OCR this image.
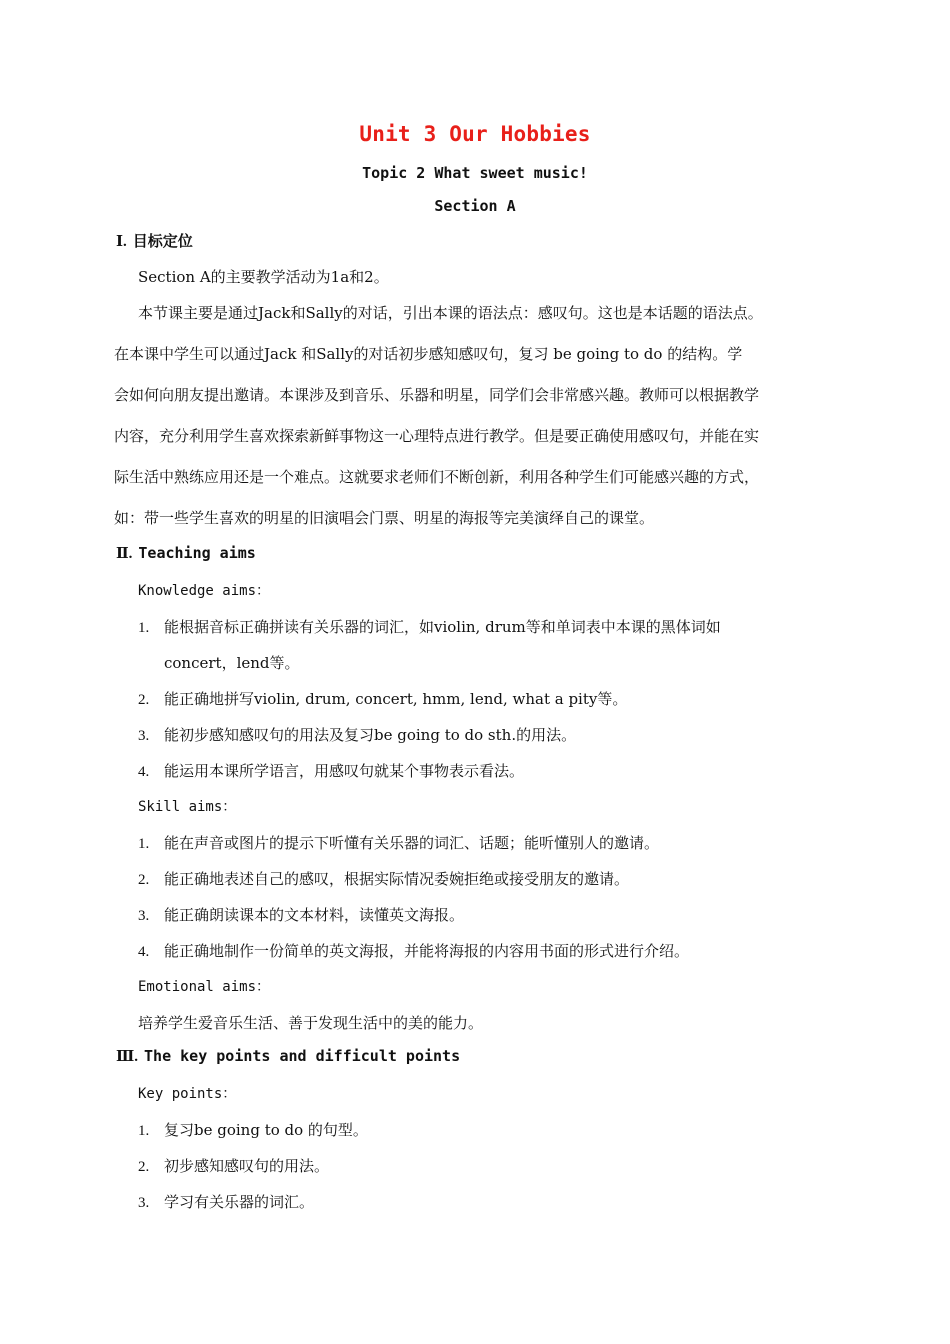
Unit 3 Our Hobbies
Topic 2 What sweet music!
Section A
Ⅰ. 目标定位
Section A的主要教学活动为1a和2。
本节课主要是通过Jack和Sally的对话，引出本课的语法点：感叹句。这也是本话题的语法点。
在本课中学生可以通过Jack 和Sally的对话初步感知感叹句，复习 be going to do 的结构。学
会如何向朋友提出邀请。本课涉及到音乐、乐器和明星，同学们会非常感兴趣。教师可以根据教学
内容，充分利用学生喜欢探索新鲜事物这一心理特点进行教学。但是要正确使用感叹句，并能在实
际生活中熟练应用还是一个难点。这就要求老师们不断创新，利用各种学生们可能感兴趣的方式，
如：带一些学生喜欢的明星的旧演唱会门票、明星的海报等完美演绎自己的课堂。
Ⅱ. Teaching aims
Knowledge aims：
1. 能根据音标正确拼读有关乐器的词汇，如violin, drum等和单词表中本课的黑体词如
concert，lend等。
2. 能正确地拼写violin, drum, concert, hmm, lend, what a pity等。
3. 能初步感知感叹句的用法及复习be going to do sth.的用法。
4. 能运用本课所学语言，用感叹句就某个事物表示看法。
Skill aims：
1. 能在声音或图片的提示下听懂有关乐器的词汇、话题；能听懂别人的邀请。
2. 能正确地表述自己的感叹，根据实际情况委婉拒绝或接受朋友的邀请。
3. 能正确朗读课本的文本材料，读懂英文海报。
4. 能正确地制作一份简单的英文海报，并能将海报的内容用书面的形式进行介绍。
Emotional aims：
培养学生爱音乐生活、善于发现生活中的美的能力。
Ⅲ. The key points and difficult points
Key points：
1. 复习be going to do 的句型。
2. 初步感知感叹句的用法。
3. 学习有关乐器的词汇。
